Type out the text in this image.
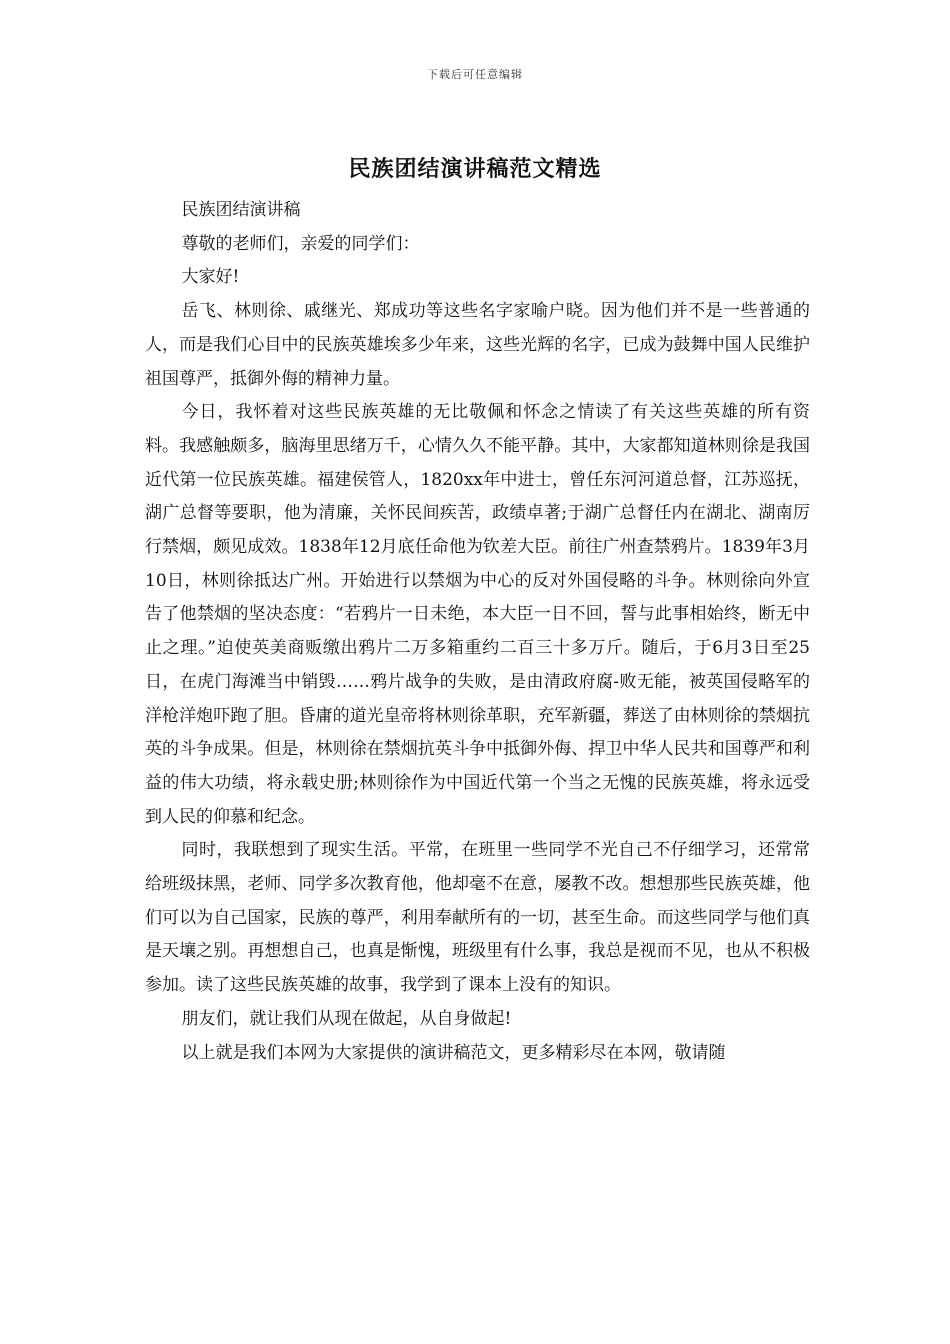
下载后可任意编辑
民族团结演讲稿范文精选

民族团结演讲稿

尊敬的老师们，亲爱的同学们：

大家好!

岳飞、林则徐、戚继光、郑成功等这些名字家喻户晓。因为他们并不是一些普通的人，而是我们心目中的民族英雄埃多少年来，这些光辉的名字，已成为鼓舞中国人民维护祖国尊严，抵御外侮的精神力量。

今日，我怀着对这些民族英雄的无比敬佩和怀念之情读了有关这些英雄的所有资料。我感触颇多，脑海里思绪万千，心情久久不能平静。其中，大家都知道林则徐是我国近代第一位民族英雄。福建侯管人，1820xx年中进士，曾任东河河道总督，江苏巡抚，湖广总督等要职，他为清廉，关怀民间疾苦，政绩卓著;于湖广总督任内在湖北、湖南厉行禁烟，颇见成效。1838年12月底任命他为钦差大臣。前往广州查禁鸦片。1839年3月10日，林则徐抵达广州。开始进行以禁烟为中心的反对外国侵略的斗争。林则徐向外宣告了他禁烟的坚决态度：“若鸦片一日未绝，本大臣一日不回，誓与此事相始终，断无中止之理。”迫使英美商贩缴出鸦片二万多箱重约二百三十多万斤。随后，于6月3日至25日，在虎门海滩当中销毁……鸦片战争的失败，是由清政府腐-败无能，被英国侵略军的洋枪洋炮吓跑了胆。昏庸的道光皇帝将林则徐革职，充军新疆，葬送了由林则徐的禁烟抗英的斗争成果。但是，林则徐在禁烟抗英斗争中抵御外侮、捍卫中华人民共和国尊严和利益的伟大功绩，将永载史册;林则徐作为中国近代第一个当之无愧的民族英雄，将永远受到人民的仰慕和纪念。

同时，我联想到了现实生活。平常，在班里一些同学不光自己不仔细学习，还常常给班级抹黑，老师、同学多次教育他，他却毫不在意，屡教不改。想想那些民族英雄，他们可以为自己国家，民族的尊严，利用奉献所有的一切，甚至生命。而这些同学与他们真是天壤之别。再想想自己，也真是惭愧，班级里有什么事，我总是视而不见，也从不积极参加。读了这些民族英雄的故事，我学到了课本上没有的知识。

朋友们，就让我们从现在做起，从自身做起!

以上就是我们本网为大家提供的演讲稿范文，更多精彩尽在本网，敬请随
